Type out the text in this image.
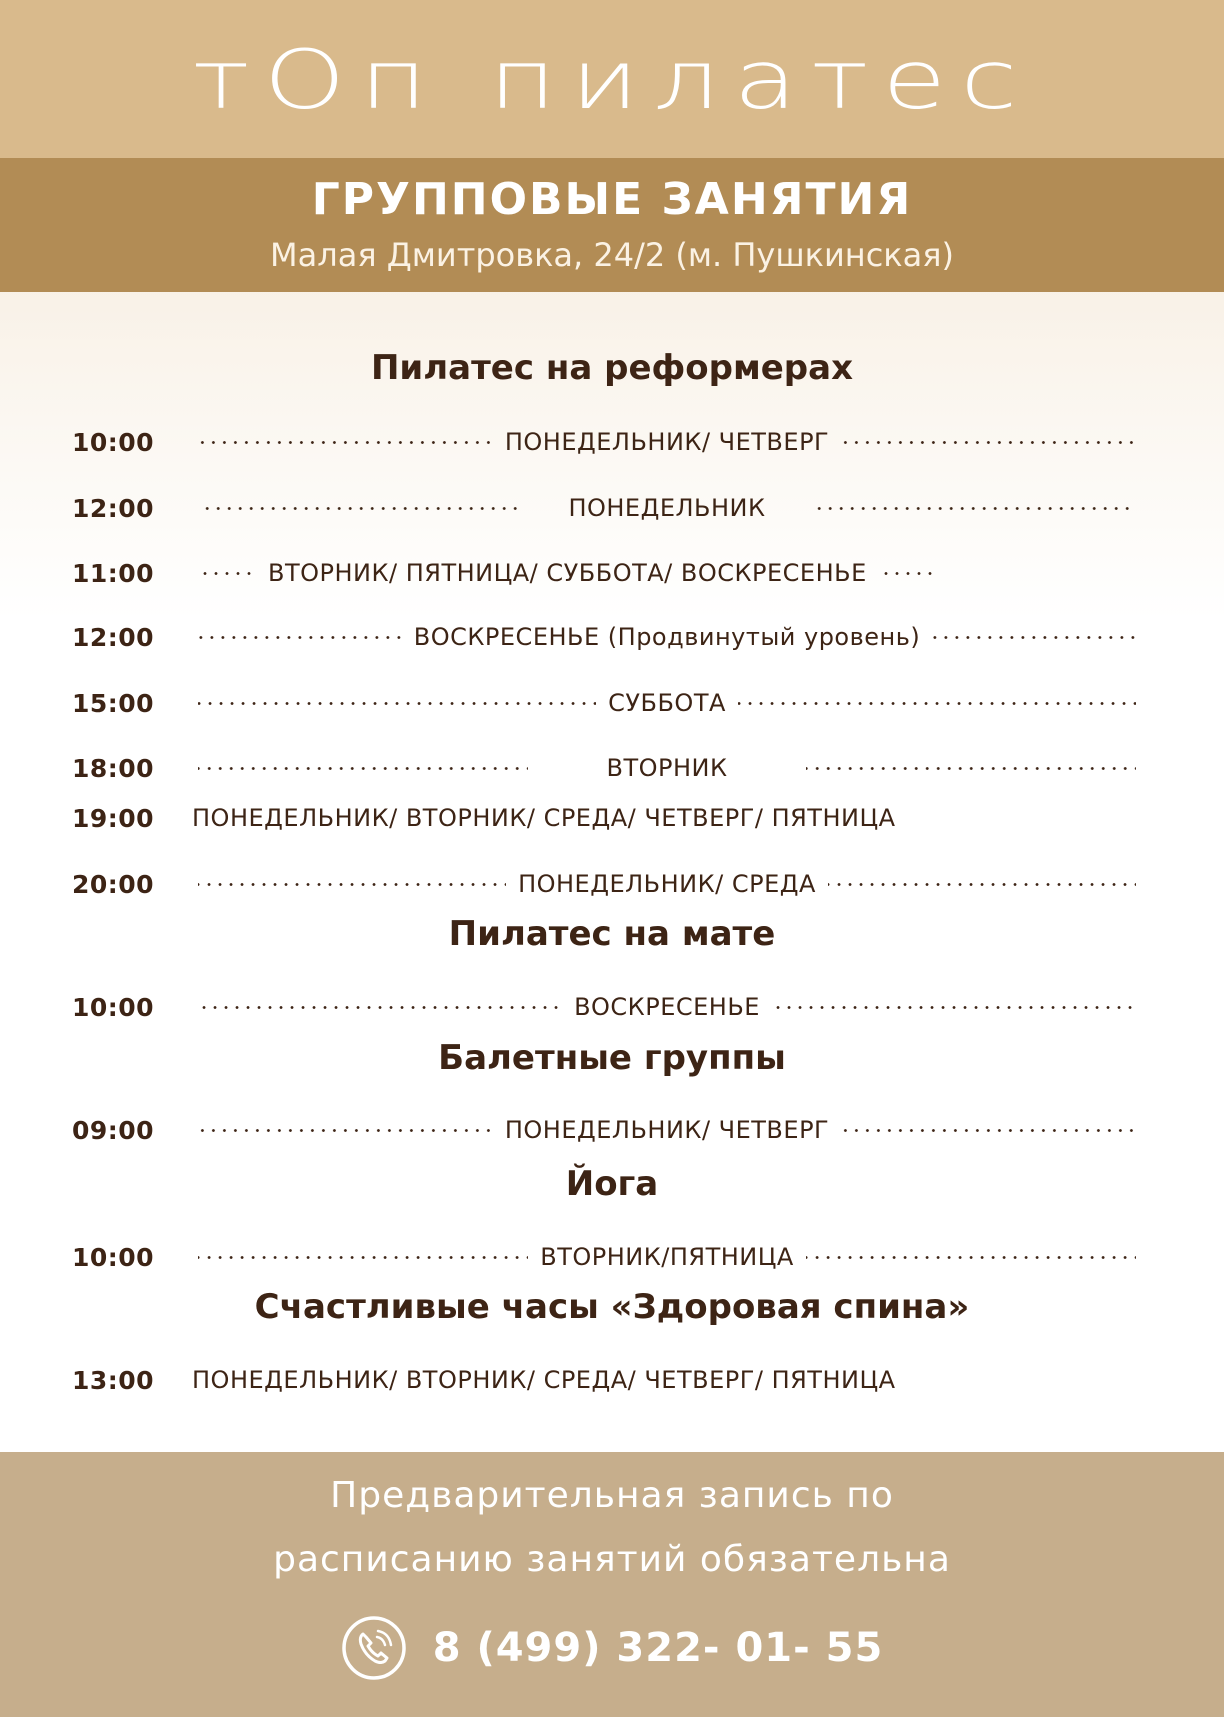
тОп пилатес
ГРУППОВЫЕ ЗАНЯТИЯ
Малая Дмитровка, 24/2 (м. Пушкинская)
Пилатес на реформерах
10:00	ПОНЕДЕЛЬНИК/ ЧЕТВЕРГ
12:00	ПОНЕДЕЛЬНИК
11:00	ВТОРНИК/ ПЯТНИЦА/ СУББОТА/ ВОСКРЕСЕНЬЕ
12:00	ВОСКРЕСЕНЬЕ (Продвинутый уровень)
15:00	СУББОТА
18:00	ВТОРНИК
19:00	ПОНЕДЕЛЬНИК/ ВТОРНИК/ СРЕДА/ ЧЕТВЕРГ/ ПЯТНИЦА
20:00	ПОНЕДЕЛЬНИК/ СРЕДА
Пилатес на мате
10:00	ВОСКРЕСЕНЬЕ
Балетные группы
09:00	ПОНЕДЕЛЬНИК/ ЧЕТВЕРГ
Йога
10:00	ВТОРНИК/ПЯТНИЦА
Счастливые часы «Здоровая спина»
13:00	ПОНЕДЕЛЬНИК/ ВТОРНИК/ СРЕДА/ ЧЕТВЕРГ/ ПЯТНИЦА
Предварительная запись по
расписанию занятий обязательна
8 (499) 322- 01- 55
